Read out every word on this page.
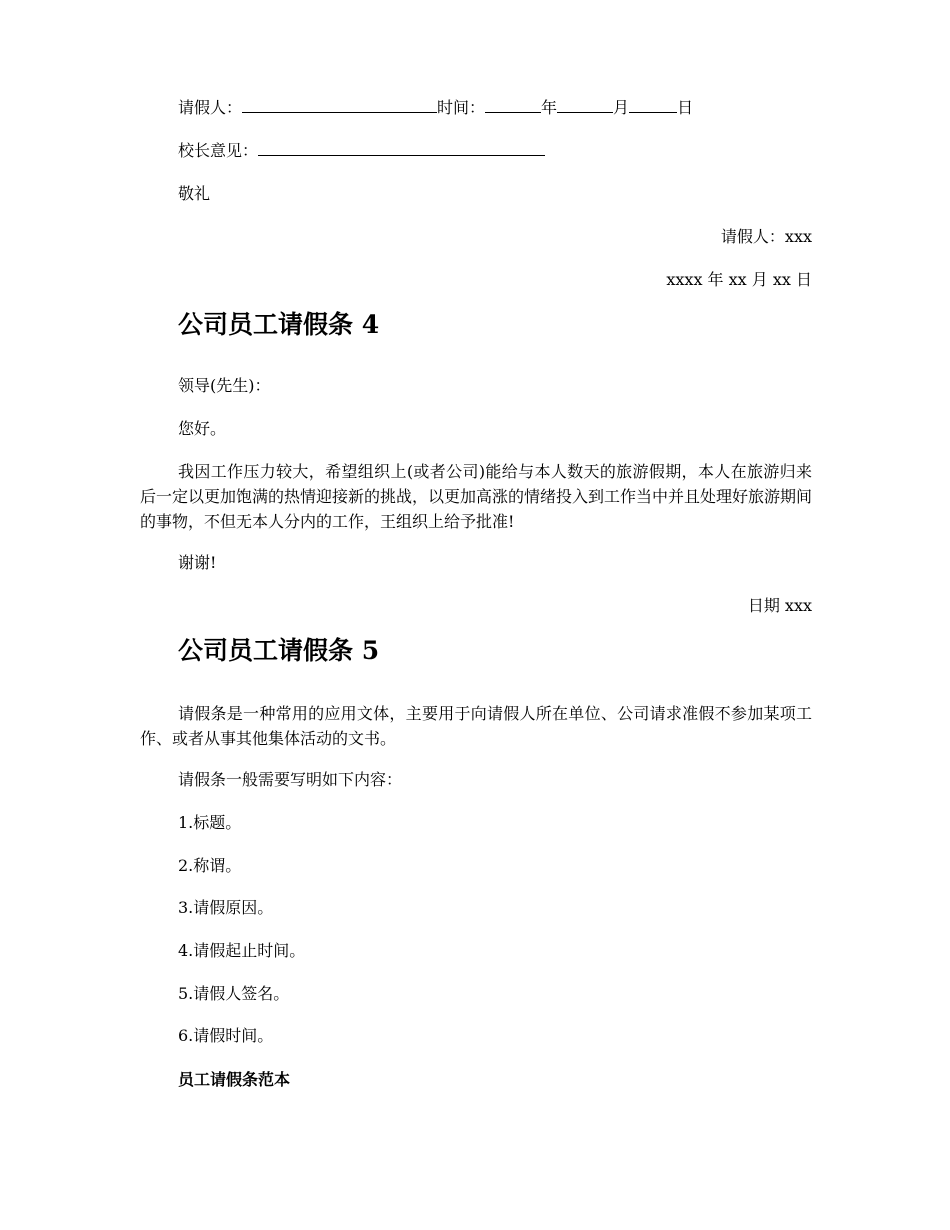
请假人：	时间：	年	月	日
校长意见：
敬礼
请假人：xxx
xxxx 年 xx 月 xx 日
公司员工请假条 4
领导(先生)：
您好。
我因工作压力较大，希望组织上(或者公司)能给与本人数天的旅游假期，本人在旅游归来后一定以更加饱满的热情迎接新的挑战，以更加高涨的情绪投入到工作当中并且处理好旅游期间的事物，不但无本人分内的工作，王组织上给予批准!
谢谢!
日期 xxx
公司员工请假条 5
请假条是一种常用的应用文体，主要用于向请假人所在单位、公司请求准假不参加某项工作、或者从事其他集体活动的文书。
请假条一般需要写明如下内容：
1.标题。
2.称谓。
3.请假原因。
4.请假起止时间。
5.请假人签名。
6.请假时间。
员工请假条范本
